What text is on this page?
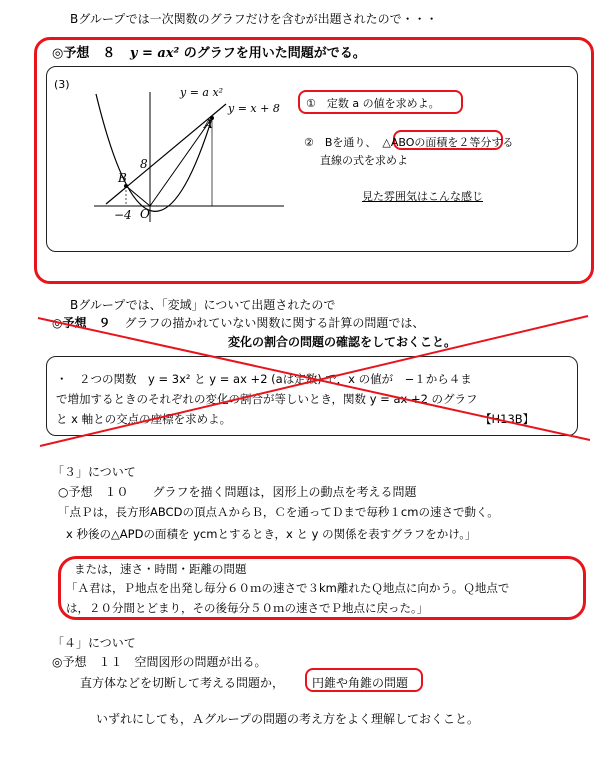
Bグループでは一次関数のグラフだけを含むが出題されたので・・・
◎予想　８ y = ax² のグラフを用いた問題がでる。
(3)
y = a x²
y = x + 8
A
B
O
8
−4
①　定数 a の値を求めよ。
②　Bを通り、 △ABOの面積を２等分する
直線の式を求めよ
見た雰囲気はこんな感じ
Bグループでは、「変域」について出題されたので
◎予想　９ グラフの描かれていない関数に関する計算の問題では、
変化の割合の問題の確認をしておくこと。
・　２つの関数　y = 3x² と y = ax +2 (aは定数) で，x の値が　−１から４ま
で増加するときのそれぞれの変化の割合が等しいとき，関数 y = ax +2 のグラフ
と x 軸との交点の座標を求めよ。	【H13B】
「３」について
○予想　１０　　グラフを描く問題は，図形上の動点を考える問題
「点Ｐは，長方形ABCDの頂点ＡからＢ，Ｃを通ってＤまで毎秒１cmの速さで動く。
x 秒後の△APDの面積を ycmとするとき，x と y の関係を表すグラフをかけ。」
または，速さ・時間・距離の問題
「Ａ君は，Ｐ地点を出発し毎分６０ｍの速さで３km離れたＱ地点に向かう。Ｑ地点で
は，２０分間とどまり，その後毎分５０ｍの速さでＰ地点に戻った。」
「４」について
◎予想　１１　空間図形の問題が出る。
直方体などを切断して考える問題か， 円錐や角錐の問題
いずれにしても，Ａグループの問題の考え方をよく理解しておくこと。
